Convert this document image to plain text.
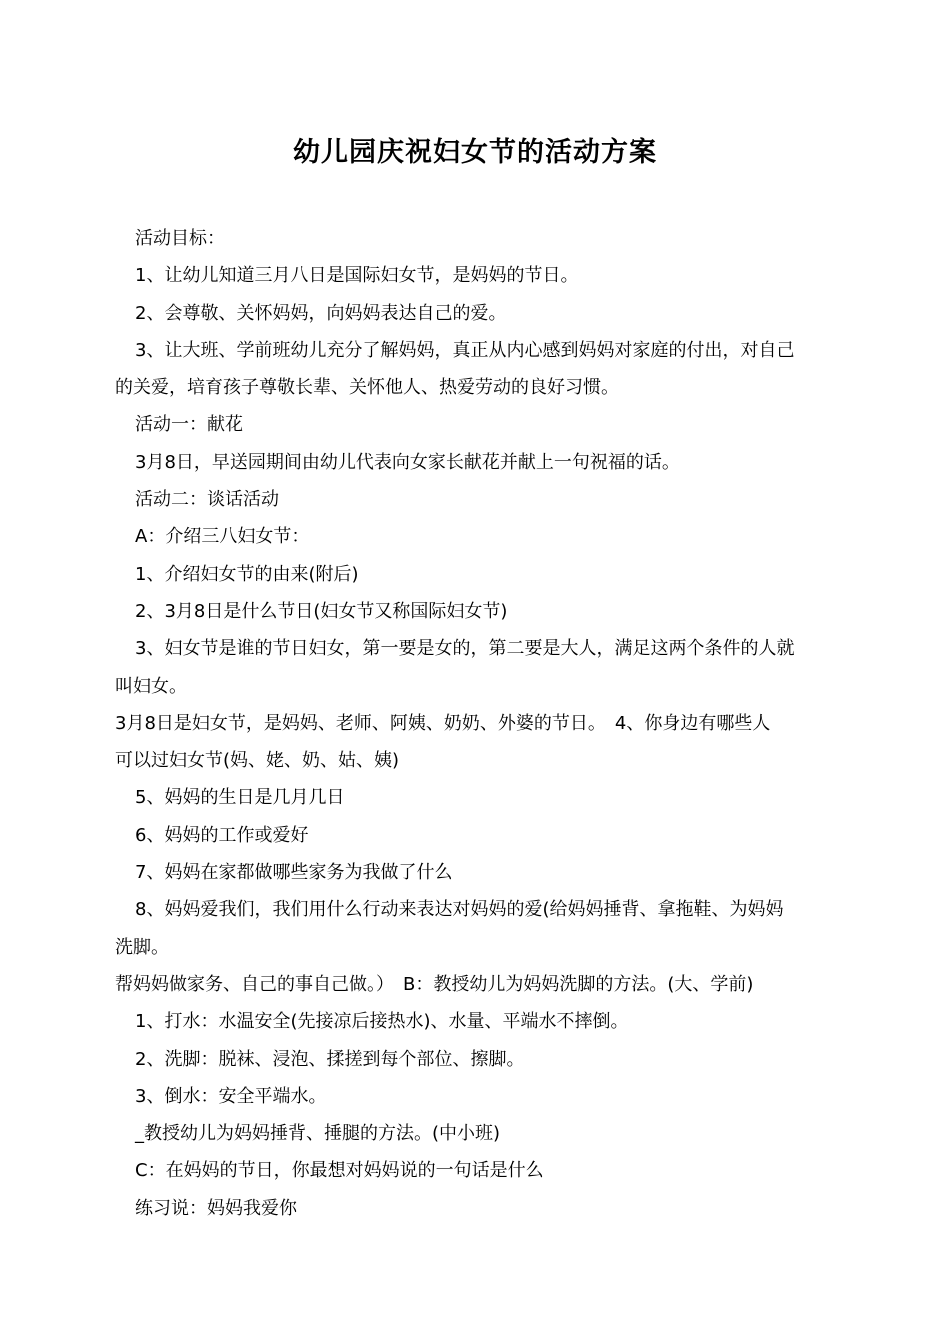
幼儿园庆祝妇女节的活动方案

活动目标：

1、让幼儿知道三月八日是国际妇女节，是妈妈的节日。

2、会尊敬、关怀妈妈，向妈妈表达自己的爱。

3、让大班、学前班幼儿充分了解妈妈，真正从内心感到妈妈对家庭的付出，对自己

的关爱，培育孩子尊敬长辈、关怀他人、热爱劳动的良好习惯。

活动一：献花

3月8日，早送园期间由幼儿代表向女家长献花并献上一句祝福的话。

活动二：谈话活动

A：介绍三八妇女节：

1、介绍妇女节的由来(附后)

2、3月8日是什么节日(妇女节又称国际妇女节)

3、妇女节是谁的节日妇女，第一要是女的，第二要是大人，满足这两个条件的人就

叫妇女。

3月8日是妇女节，是妈妈、老师、阿姨、奶奶、外婆的节日。　4、你身边有哪些人

可以过妇女节(妈、姥、奶、姑、姨)

5、妈妈的生日是几月几日

6、妈妈的工作或爱好

7、妈妈在家都做哪些家务为我做了什么

8、妈妈爱我们，我们用什么行动来表达对妈妈的爱(给妈妈捶背、拿拖鞋、为妈妈

洗脚。

帮妈妈做家务、自己的事自己做。）　B：教授幼儿为妈妈洗脚的方法。(大、学前)

1、打水：水温安全(先接凉后接热水)、水量、平端水不摔倒。

2、洗脚：脱袜、浸泡、揉搓到每个部位、擦脚。

3、倒水：安全平端水。

_教授幼儿为妈妈捶背、捶腿的方法。(中小班)

C：在妈妈的节日，你最想对妈妈说的一句话是什么

练习说：妈妈我爱你
